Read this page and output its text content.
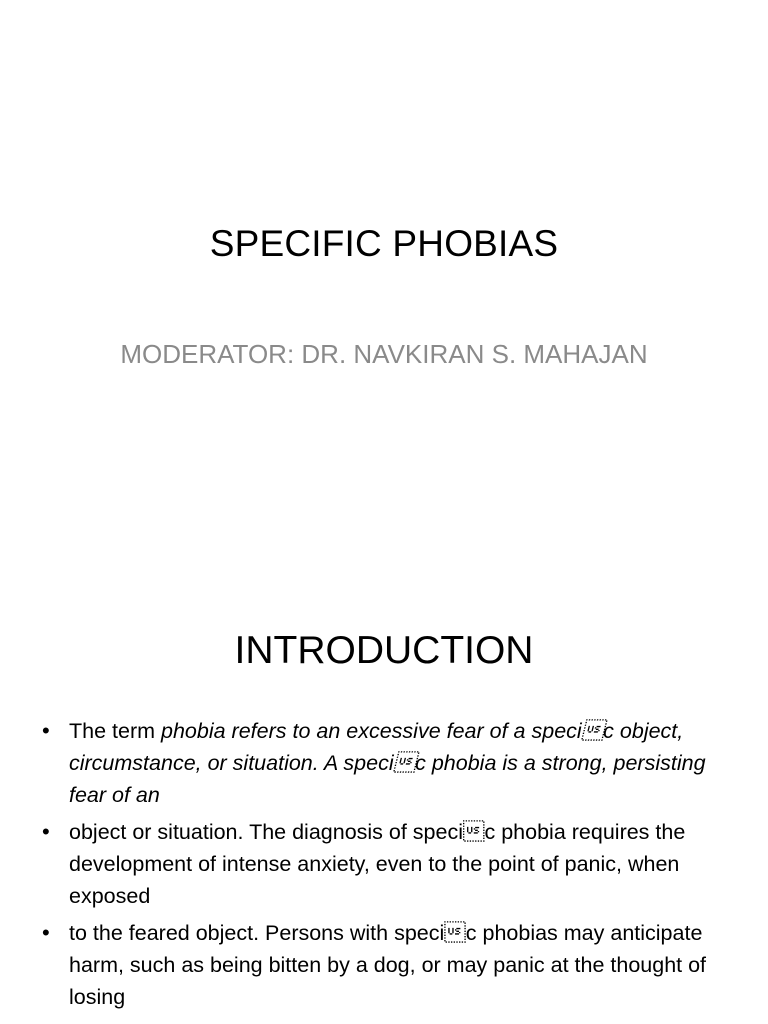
SPECIFIC PHOBIAS
MODERATOR: DR. NAVKIRAN S. MAHAJAN
INTRODUCTION
• The term phobia refers to an excessive fear of a specic object, circumstance, or situation. A specic phobia is a strong, persisting fear of an
• object or situation. The diagnosis of specic phobia requires the development of intense anxiety, even to the point of panic, when exposed
• to the feared object. Persons with specic phobias may anticipate harm, such as being bitten by a dog, or may panic at the thought of losing
